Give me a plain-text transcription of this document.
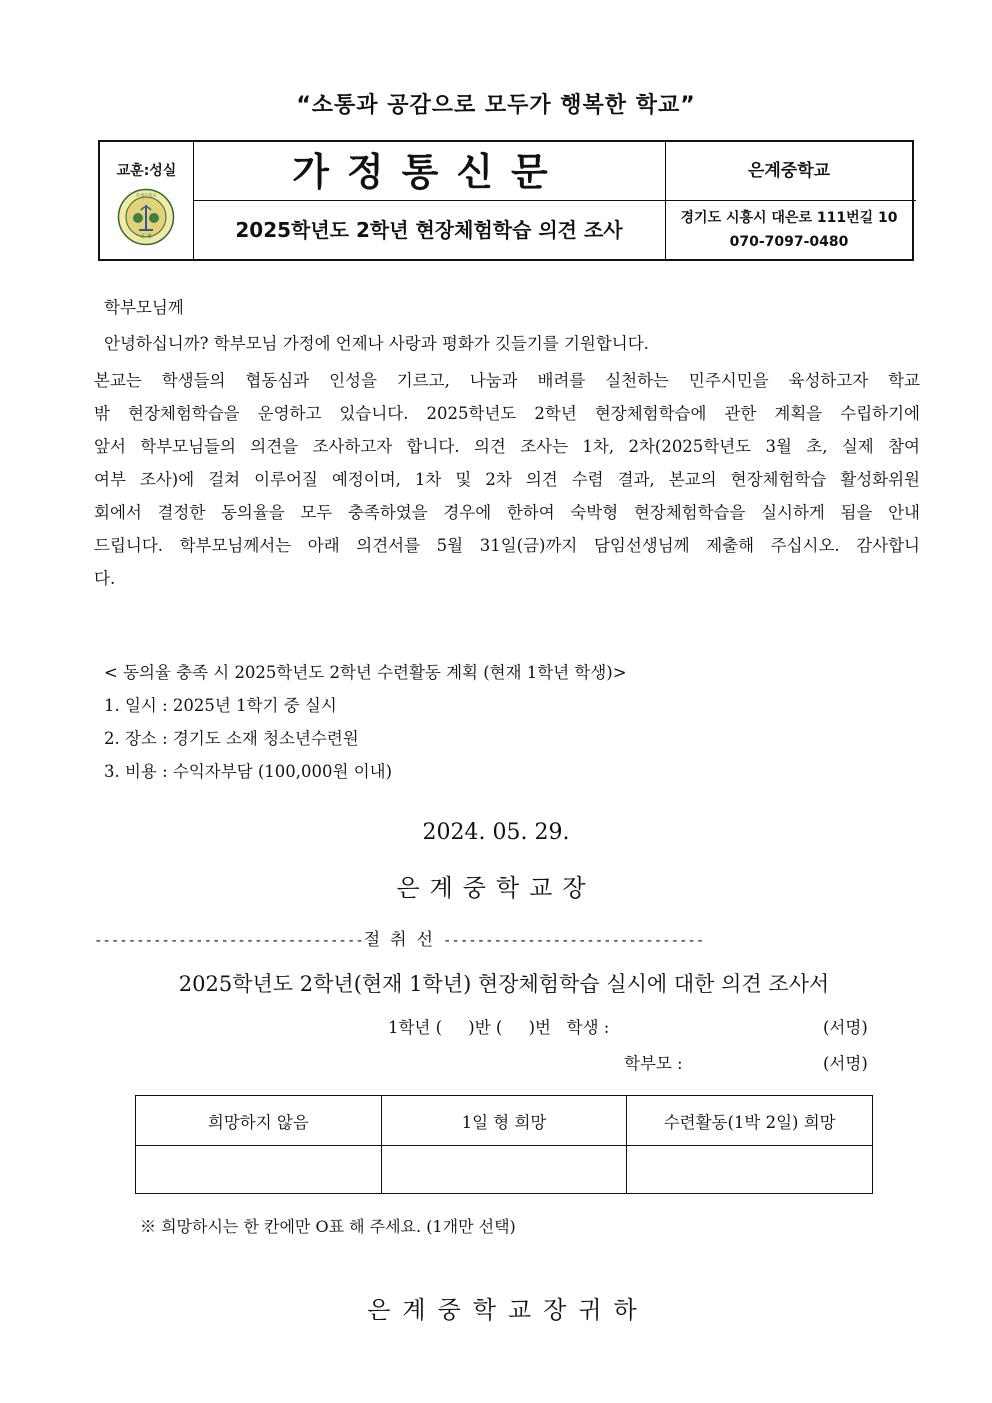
“소통과 공감으로 모두가 행복한 학교”
교훈:성실
은계중학교
은 계
가정통신문
2025학년도 2학년 현장체험학습 의견 조사
은계중학교
경기도 시흥시 대은로 111번길 10
070-7097-0480
학부모님께
안녕하십니까? 학부모님 가정에 언제나 사랑과 평화가 깃들기를 기원합니다.
본교는 학생들의 협동심과 인성을 기르고, 나눔과 배려를 실천하는 민주시민을 육성하고자 학교
밖 현장체험학습을 운영하고 있습니다. 2025학년도 2학년 현장체험학습에 관한 계획을 수립하기에
앞서 학부모님들의 의견을 조사하고자 합니다. 의견 조사는 1차, 2차(2025학년도 3월 초, 실제 참여
여부 조사)에 걸쳐 이루어질 예정이며, 1차 및 2차 의견 수렴 결과, 본교의 현장체험학습 활성화위원
회에서 결정한 동의율을 모두 충족하였을 경우에 한하여 숙박형 현장체험학습을 실시하게 됨을 안내
드립니다. 학부모님께서는 아래 의견서를 5월 31일(금)까지 담임선생님께 제출해 주십시오. 감사합니
다.
< 동의율 충족 시 2025학년도 2학년 수련활동 계획 (현재 1학년 학생)>
1. 일시 : 2025년 1학기 중 실시
2. 장소 : 경기도 소재 청소년수련원
3. 비용 : 수익자부담 (100,000원 이내)
2024. 05. 29.
은계중학교장
--------------------------------절취선-------------------------------
2025학년도 2학년(현재 1학년) 현장체험학습 실시에 대한 의견 조사서
1학년 (     )반 (     )번   학생 :	(서명)
학부모 :	(서명)
희망하지 않음	1일 형 희망	수련활동(1박 2일) 희망

※ 희망하시는 한 칸에만 O표 해 주세요. (1개만 선택)
은계중학교장귀하
